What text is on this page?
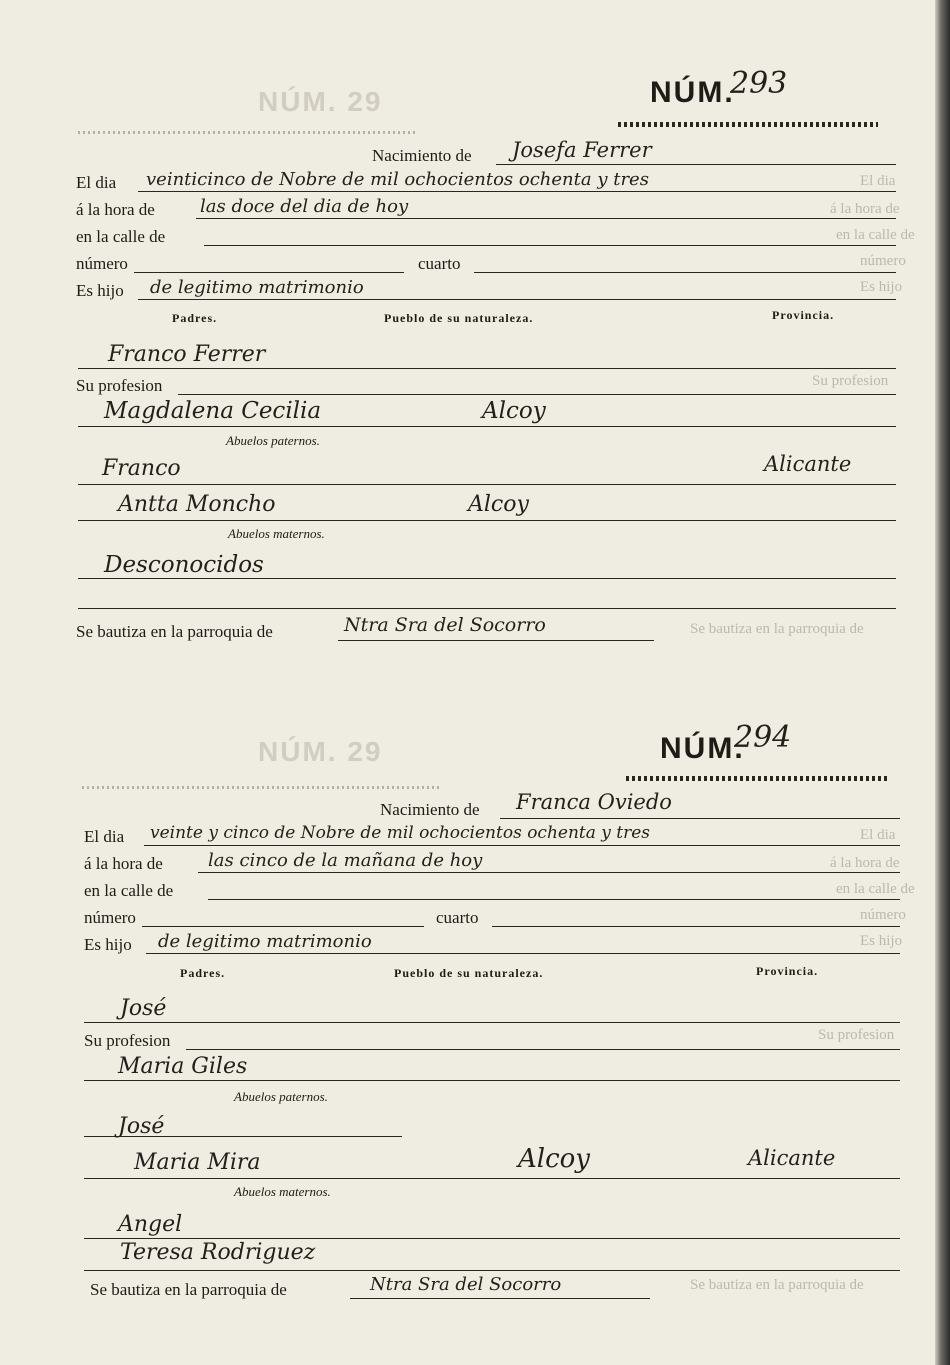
NÚM. 29
NÚM. 29
El dia
á la hora de
en la calle de
número
Es hijo
Su profesion
Se bautiza en la parroquia de
El dia
á la hora de
en la calle de
número
Es hijo
Su profesion
Se bautiza en la parroquia de
NÚM.
293
Nacimiento de Josefa Ferrer
El dia veinticinco de Nobre de mil ochocientos ochenta y tres
á la hora de	las doce del dia de hoy
en la calle de
número	cuarto
Es hijo de legitimo matrimonio
Padres.	Pueblo de su naturaleza.	Provincia.
Franco Ferrer
Su profesion
Magdalena Cecilia	Alcoy
Abuelos paternos.
Franco	Alicante
Antta Moncho	Alcoy
Abuelos maternos.
Desconocidos
Se bautiza en la parroquia de	Ntra Sra del Socorro
NÚM.
294
Nacimiento de Franca Oviedo
El dia veinte y cinco de Nobre de mil ochocientos ochenta y tres
á la hora de	las cinco de la mañana de hoy
en la calle de
número	cuarto
Es hijo de legitimo matrimonio
Padres.	Pueblo de su naturaleza.	Provincia.
José
Su profesion
Maria Giles
Abuelos paternos.
José
Maria Mira	Alcoy	Alicante
Abuelos maternos.
Angel
Teresa Rodriguez
Se bautiza en la parroquia de	Ntra Sra del Socorro
